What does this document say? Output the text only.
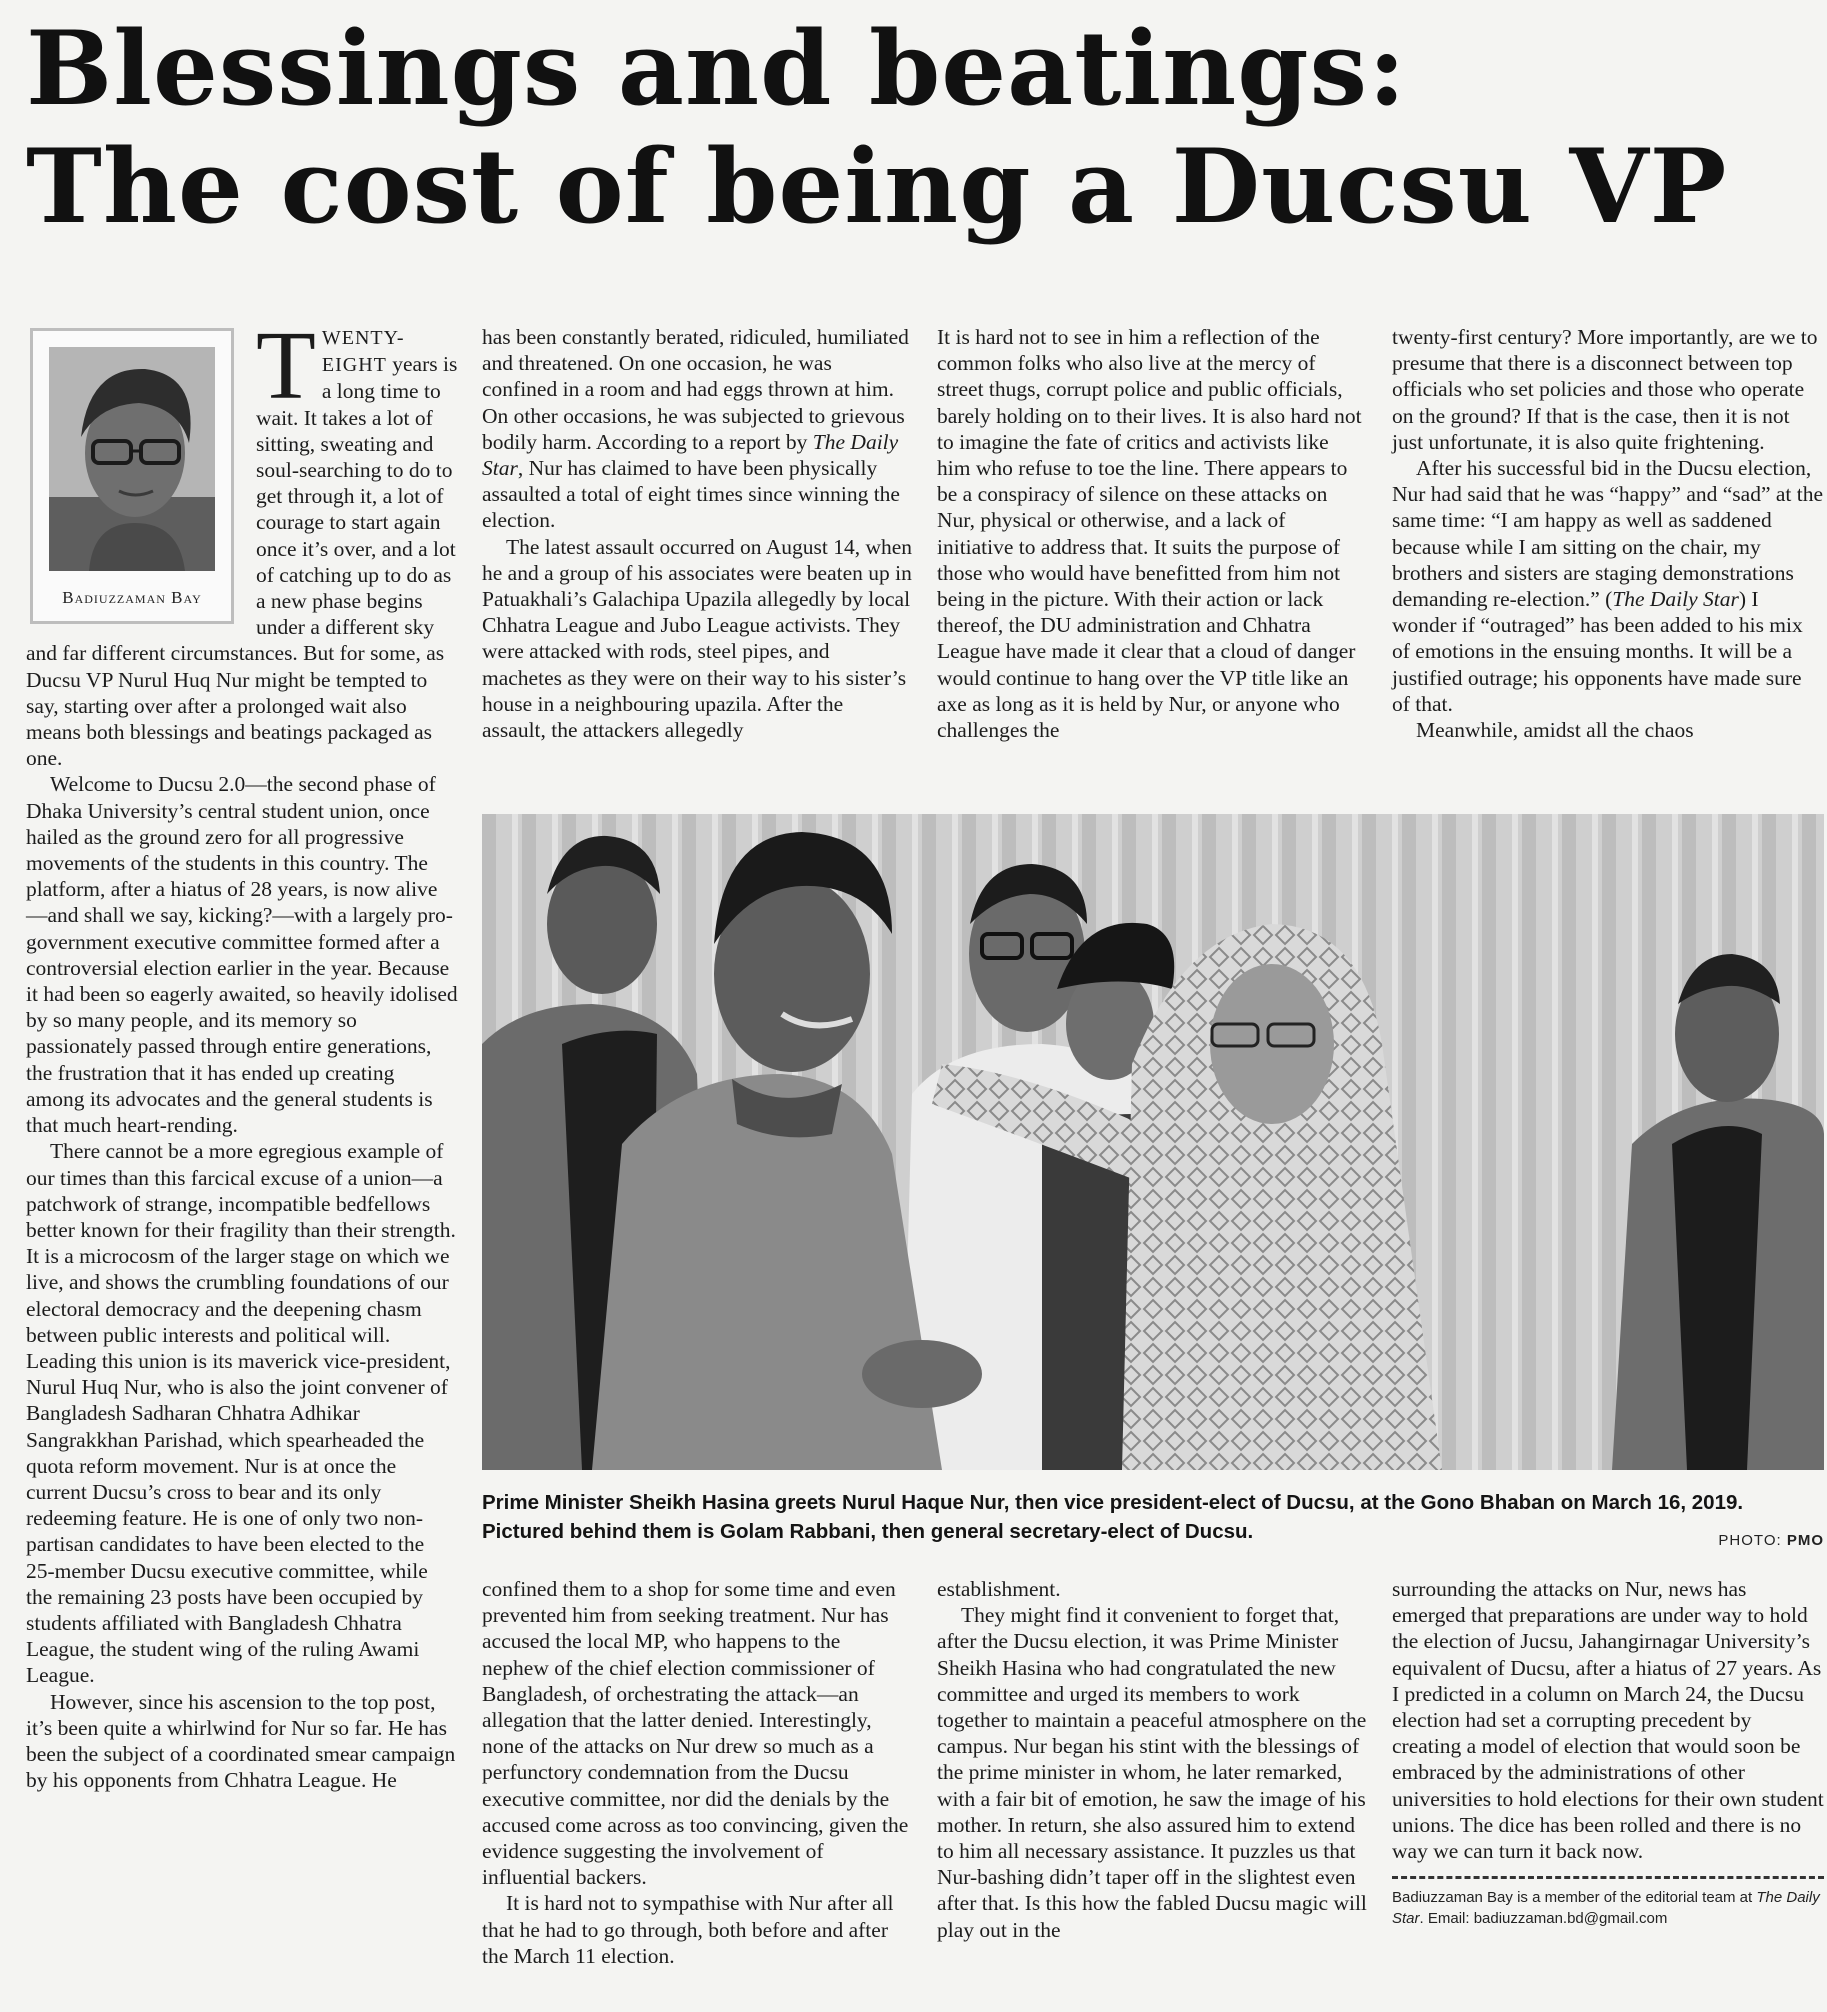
Blessings and beatings:
The cost of being a Ducsu VP
Badiuzzaman Bay

TWENTY-EIGHT years is a long time to wait. It takes a lot of sitting, sweating and soul-searching to do to get through it, a lot of courage to start again once it’s over, and a lot of catching up to do as a new phase begins under a different sky and far different circumstances. But for some, as Ducsu VP Nurul Huq Nur might be tempted to say, starting over after a prolonged wait also means both blessings and beatings packaged as one.

Welcome to Ducsu 2.0—the second phase of Dhaka University’s central student union, once hailed as the ground zero for all progressive movements of the students in this country. The platform, after a hiatus of 28 years, is now alive—and shall we say, kicking?—with a largely pro-government executive committee formed after a controversial election earlier in the year. Because it had been so eagerly awaited, so heavily idolised by so many people, and its memory so passionately passed through entire generations, the frustration that it has ended up creating among its advocates and the general students is that much heart-rending.

There cannot be a more egregious example of our times than this farcical excuse of a union—a patchwork of strange, incompatible bedfellows better known for their fragility than their strength. It is a microcosm of the larger stage on which we live, and shows the crumbling foundations of our electoral democracy and the deepening chasm between public interests and political will. Leading this union is its maverick vice-president, Nurul Huq Nur, who is also the joint convener of Bangladesh Sadharan Chhatra Adhikar Sangrakkhan Parishad, which spearheaded the quota reform movement. Nur is at once the current Ducsu’s cross to bear and its only redeeming feature. He is one of only two non-partisan candidates to have been elected to the 25-member Ducsu executive committee, while the remaining 23 posts have been occupied by students affiliated with Bangladesh Chhatra League, the student wing of the ruling Awami League.

However, since his ascension to the top post, it’s been quite a whirlwind for Nur so far. He has been the subject of a coordinated smear campaign by his opponents from Chhatra League. He

has been constantly berated, ridiculed, humiliated and threatened. On one occasion, he was confined in a room and had eggs thrown at him. On other occasions, he was subjected to grievous bodily harm. According to a report by The Daily Star, Nur has claimed to have been physically assaulted a total of eight times since winning the election.

The latest assault occurred on August 14, when he and a group of his associates were beaten up in Patuakhali’s Galachipa Upazila allegedly by local Chhatra League and Jubo League activists. They were attacked with rods, steel pipes, and machetes as they were on their way to his sister’s house in a neighbouring upazila. After the assault, the attackers allegedly

It is hard not to see in him a reflection of the common folks who also live at the mercy of street thugs, corrupt police and public officials, barely holding on to their lives. It is also hard not to imagine the fate of critics and activists like him who refuse to toe the line. There appears to be a conspiracy of silence on these attacks on Nur, physical or otherwise, and a lack of initiative to address that. It suits the purpose of those who would have benefitted from him not being in the picture. With their action or lack thereof, the DU administration and Chhatra League have made it clear that a cloud of danger would continue to hang over the VP title like an axe as long as it is held by Nur, or anyone who challenges the

twenty-first century? More importantly, are we to presume that there is a disconnect between top officials who set policies and those who operate on the ground? If that is the case, then it is not just unfortunate, it is also quite frightening.

After his successful bid in the Ducsu election, Nur had said that he was “happy” and “sad” at the same time: “I am happy as well as saddened because while I am sitting on the chair, my brothers and sisters are staging demonstrations demanding re-election.” (The Daily Star) I wonder if “outraged” has been added to his mix of emotions in the ensuing months. It will be a justified outrage; his opponents have made sure of that.

Meanwhile, amidst all the chaos

Prime Minister Sheikh Hasina greets Nurul Haque Nur, then vice president-elect of Ducsu, at the Gono Bhaban on March 16, 2019. Pictured behind them is Golam Rabbani, then general secretary-elect of Ducsu.	PHOTO: PMO

confined them to a shop for some time and even prevented him from seeking treatment. Nur has accused the local MP, who happens to the nephew of the chief election commissioner of Bangladesh, of orchestrating the attack—an allegation that the latter denied. Interestingly, none of the attacks on Nur drew so much as a perfunctory condemnation from the Ducsu executive committee, nor did the denials by the accused come across as too convincing, given the evidence suggesting the involvement of influential backers.

It is hard not to sympathise with Nur after all that he had to go through, both before and after the March 11 election.

establishment.

They might find it convenient to forget that, after the Ducsu election, it was Prime Minister Sheikh Hasina who had congratulated the new committee and urged its members to work together to maintain a peaceful atmosphere on the campus. Nur began his stint with the blessings of the prime minister in whom, he later remarked, with a fair bit of emotion, he saw the image of his mother. In return, she also assured him to extend to him all necessary assistance. It puzzles us that Nur-bashing didn’t taper off in the slightest even after that. Is this how the fabled Ducsu magic will play out in the

surrounding the attacks on Nur, news has emerged that preparations are under way to hold the election of Jucsu, Jahangirnagar University’s equivalent of Ducsu, after a hiatus of 27 years. As I predicted in a column on March 24, the Ducsu election had set a corrupting precedent by creating a model of election that would soon be embraced by the administrations of other universities to hold elections for their own student unions. The dice has been rolled and there is no way we can turn it back now.

Badiuzzaman Bay is a member of the editorial team at The Daily Star. Email: badiuzzaman.bd@gmail.com
